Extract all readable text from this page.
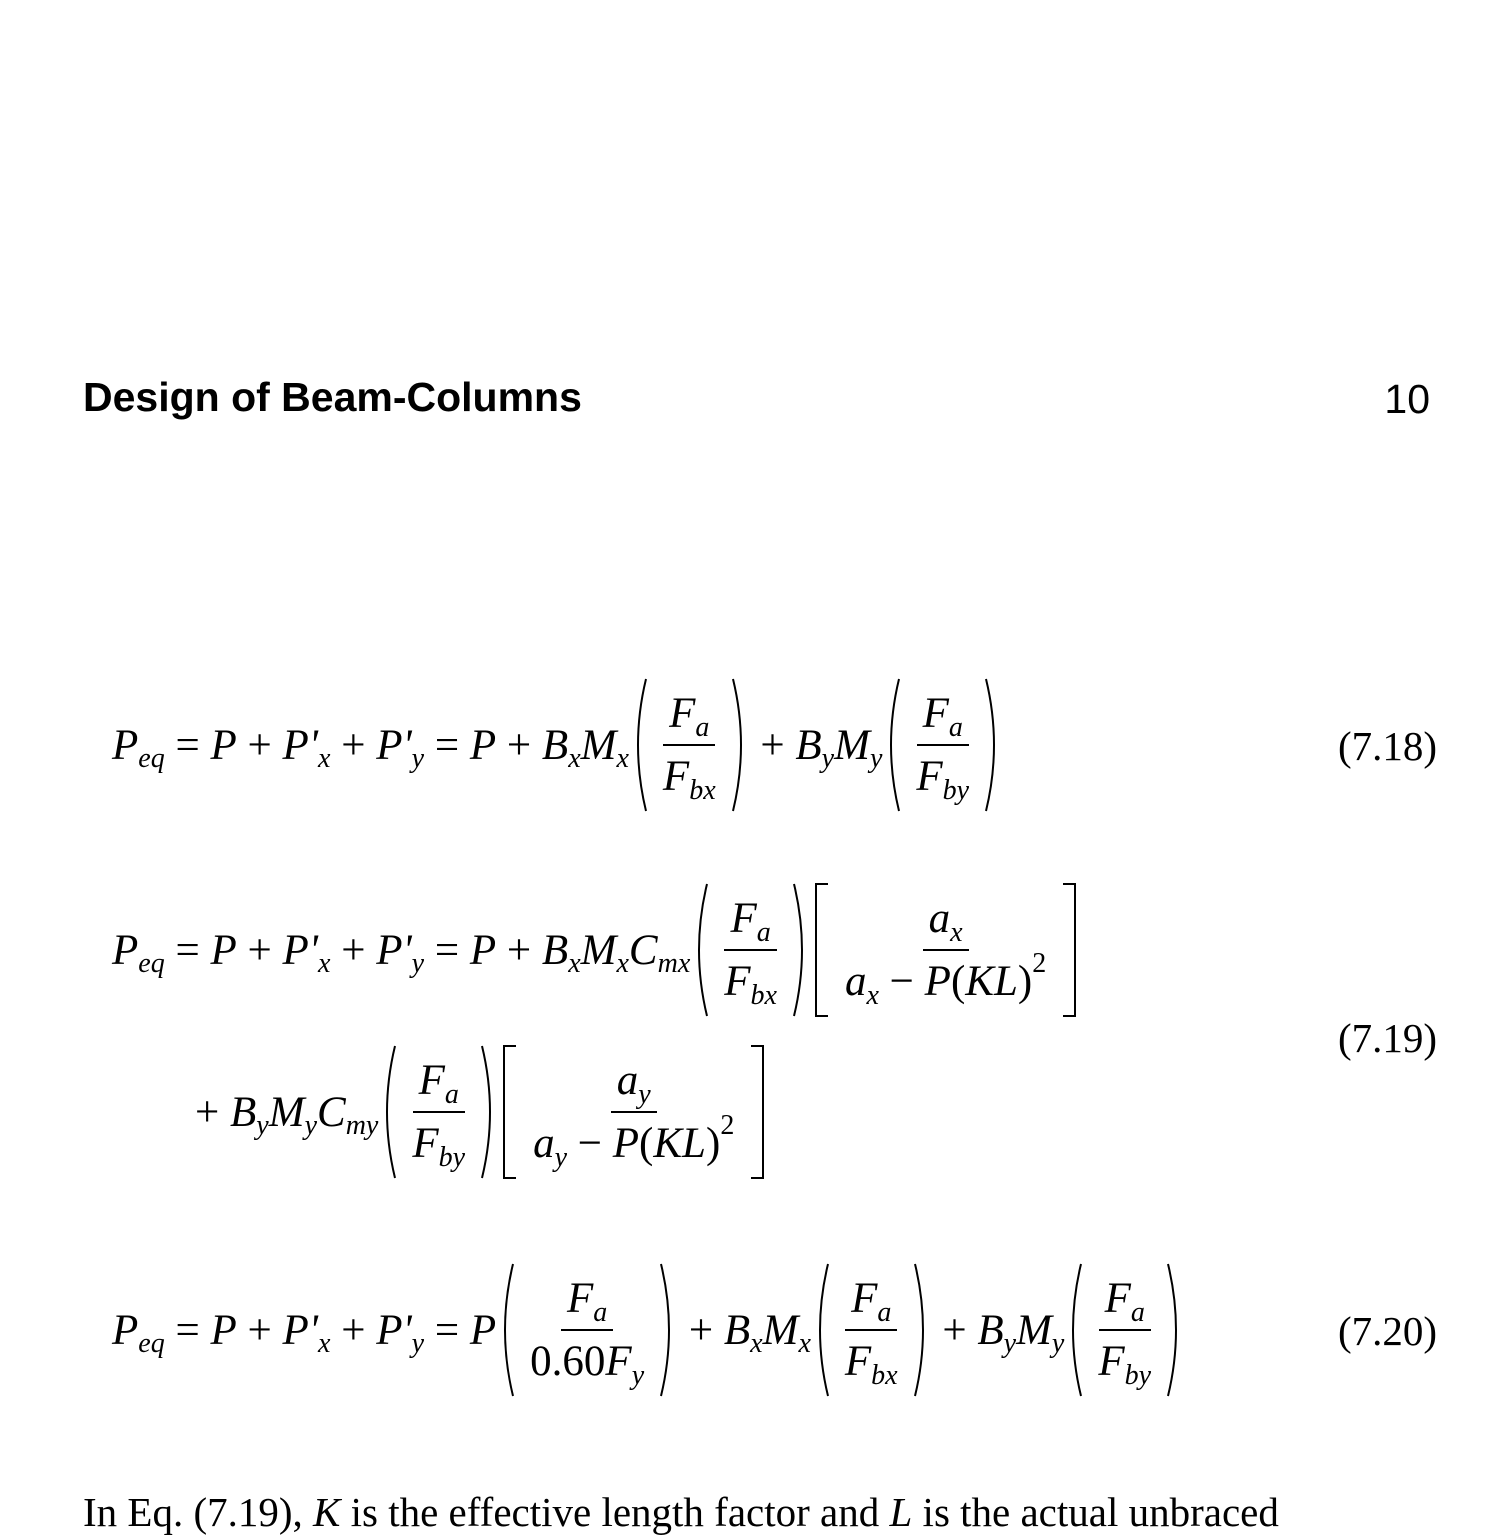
Design of Beam-Columns	10
P eq = P + P' x + P' y = P + B x M x $\frac{\text{F a}}{\text{F bx}} + B$ y M y $\frac{\text{F a}}{\text{F by}}$
P eq = P + P' x + P' y = P + B x M x C mx $\frac{\text{F a}}{\text{F bx}} \frac{\text{a x}}{\text{a x − P ( KL ) 2}}$
+ B y M y C my $\frac{\text{F a}}{\text{F by}} \frac{\text{a y}}{\text{a y − P ( KL ) 2}}$
P eq = P + P' x + P' y = P $\frac{\text{F a}}{\text{0.60 F y}} + B$ x M x $\frac{\text{F a}}{\text{F bx}} + B$ y M y $\frac{\text{F a}}{\text{F by}}$
(7.18)
(7.19)
(7.20)
In Eq. (7.19), K is the effective length factor and L is the actual unbraced
